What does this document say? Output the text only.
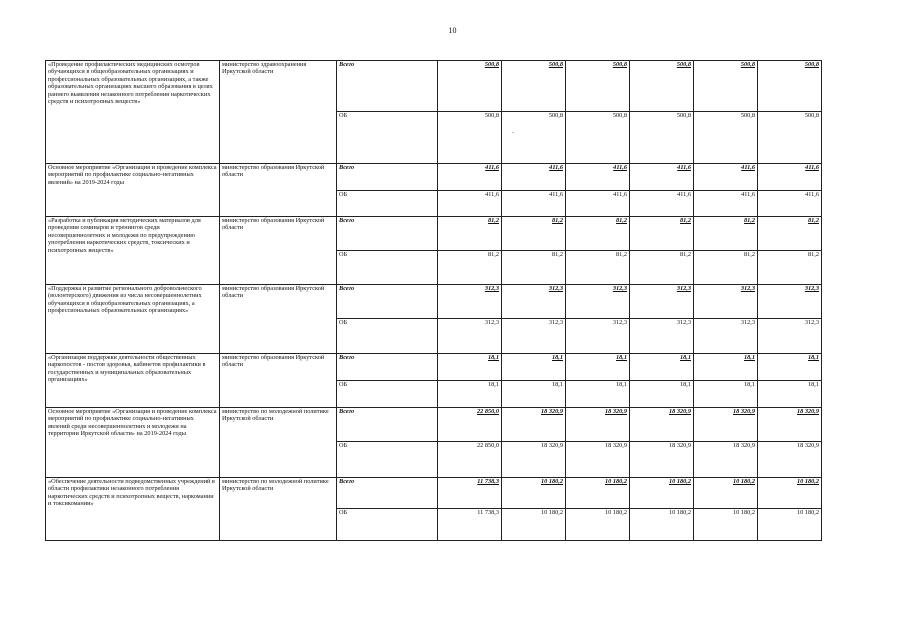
10
-
«Проведение профилактических медицинских осмотров обучающихся в общеобразовательных организациях и профессиональных образовательных организациях, а также образовательных организациях высшего образования в целях раннего выявления незаконного потребления наркотических средств и психотропных веществ»	министерство здравоохранения Иркутской области	Всего	500,8	500,8	500,8	500,8	500,8	500,8
		ОБ	500,8	500,8	500,8	500,8	500,8	500,8
Основное мероприятие «Организация и проведение комплекса мероприятий по профилактике социально-негативных явлений» на 2019-2024 годы	министерство образования Иркутской области	Всего	411,6	411,6	411,6	411,6	411,6	411,6
		ОБ	411,6	411,6	411,6	411,6	411,6	411,6
«Разработка и публикация методических материалов для проведения семинаров и тренингов среди несовершеннолетних и молодежи по предупреждению употребления наркотических средств, токсических и психотропных веществ»	министерство образования Иркутской области	Всего	81,2	81,2	81,2	81,2	81,2	81,2
		ОБ	81,2	81,2	81,2	81,2	81,2	81,2
«Поддержка и развитие регионального добровольческого (волонтерского) движения из числа несовершеннолетних обучающихся в общеобразовательных организациях, а профессиональных образовательных организациях»	министерство образования Иркутской области	Всего	312,3	312,3	312,3	312,3	312,3	312,3
		ОБ	312,3	312,3	312,3	312,3	312,3	312,3
«Организация поддержки деятельности общественных наркопостов - постов здоровья, кабинетов профилактики в государственных и муниципальных образовательных организациях»	министерство образования Иркутской области	Всего	18,1	18,1	18,1	18,1	18,1	18,1
		ОБ	18,1	18,1	18,1	18,1	18,1	18,1
Основное мероприятие «Организация и проведение комплекса мероприятий по профилактике социально-негативных явлений среди несовершеннолетних и молодежи на территории Иркутской области» на 2019-2024 годы	министерство по молодежной политике Иркутской области	Всего	22 850,0	18 320,9	18 320,9	18 320,9	18 320,9	18 320,9
		ОБ	22 850,0	18 320,9	18 320,9	18 320,9	18 320,9	18 320,9
«Обеспечение деятельности подведомственных учреждений в области профилактики незаконного потребления наркотических средств и психотропных веществ, наркомании и токсикомании»	министерство по молодежной политике Иркутской области	Всего	11 738,3	10 180,2	10 180,2	10 180,2	10 180,2	10 180,2
		ОБ	11 738,3	10 180,2	10 180,2	10 180,2	10 180,2	10 180,2
